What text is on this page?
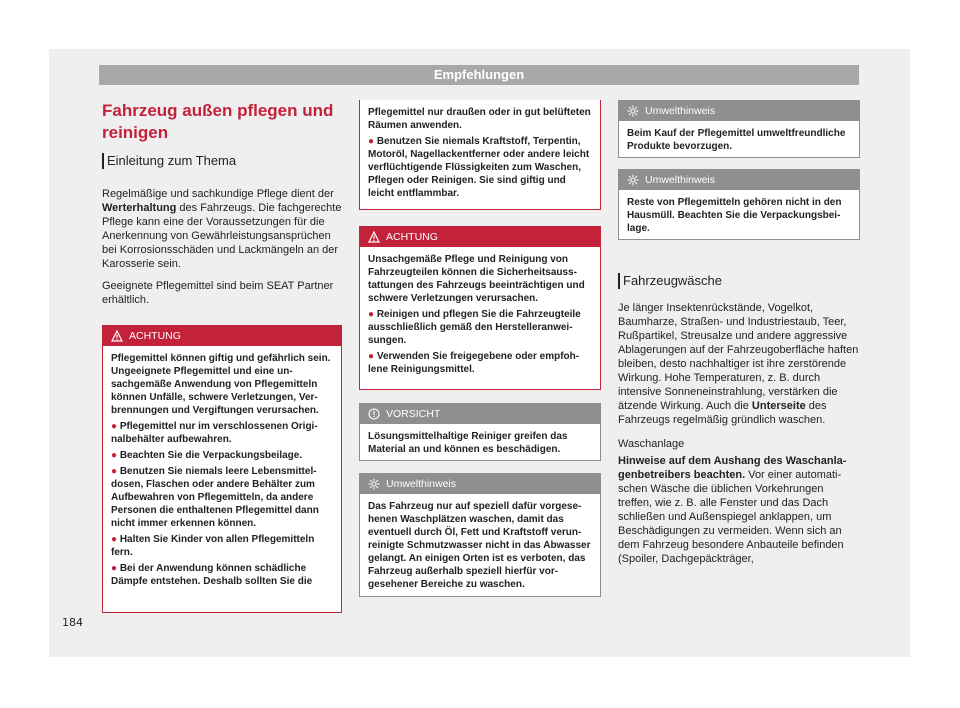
Empfehlungen
Fahrzeug außen pflegen und
reinigen
Einleitung zum Thema

Regelmäßige und sachkundige Pflege dient der Werterhaltung des Fahrzeugs. Die fachgerechte Pflege kann eine der Voraussetzungen für die Anerkennung von Gewährleistungsansprüchen bei Korrosionsschäden und Lackmängeln an der Karosserie sein.

Geeignete Pflegemittel sind beim SEAT Partner erhältlich.

ACHTUNG

Pflegemittel können giftig und gefährlich sein. Ungeeignete Pflegemittel und eine unsachgemäße Anwendung von Pflegemitteln können Unfälle, schwere Verletzungen, Verbrennungen und Vergiftungen verursachen.

● Pflegemittel nur im verschlossenen Originalbehälter aufbewahren.

● Beachten Sie die Verpackungsbeilage.

● Benutzen Sie niemals leere Lebensmitteldosen, Flaschen oder andere Behälter zum Aufbewahren von Pflegemitteln, da andere Personen die enthaltenen Pflegemittel dann nicht immer erkennen können.

● Halten Sie Kinder von allen Pflegemitteln fern.

● Bei der Anwendung können schädliche Dämpfe entstehen. Deshalb sollten Sie die

Pflegemittel nur draußen oder in gut belüfteten Räumen anwenden.

● Benutzen Sie niemals Kraftstoff, Terpentin, Motoröl, Nagellackentferner oder andere leicht verflüchtigende Flüssigkeiten zum Waschen, Pflegen oder Reinigen. Sie sind giftig und leicht entflammbar.

ACHTUNG

Unsachgemäße Pflege und Reinigung von Fahrzeugteilen können die Sicherheitsausstattungen des Fahrzeugs beeinträchtigen und schwere Verletzungen verursachen.

● Reinigen und pflegen Sie die Fahrzeugteile ausschließlich gemäß den Herstelleranweisungen.

● Verwenden Sie freigegebene oder empfohlene Reinigungsmittel.

VORSICHT
Lösungsmittelhaltige Reiniger greifen das Material an und können es beschädigen.
Umwelthinweis
Das Fahrzeug nur auf speziell dafür vorgesehenen Waschplätzen waschen, damit das eventuell durch Öl, Fett und Kraftstoff verunreinigte Schmutzwasser nicht in das Abwasser gelangt. An einigen Orten ist es verboten, das Fahrzeug außerhalb speziell hierfür vorgesehener Bereiche zu waschen.
Umwelthinweis
Beim Kauf der Pflegemittel umweltfreundliche Produkte bevorzugen.
Umwelthinweis
Reste von Pflegemitteln gehören nicht in den Hausmüll. Beachten Sie die Verpackungsbeilage.
Fahrzeugwäsche

Je länger Insektenrückstände, Vogelkot, Baumharze, Straßen- und Industriestaub, Teer, Rußpartikel, Streusalze und andere aggressive Ablagerungen auf der Fahrzeugoberfläche haften bleiben, desto nachhaltiger ist ihre zerstörende Wirkung. Hohe Temperaturen, z. B. durch intensive Sonneneinstrahlung, verstärken die ätzende Wirkung. Auch die Unterseite des Fahrzeugs regelmäßig gründlich waschen.

Waschanlage

Hinweise auf dem Aushang des Waschanlagenbetreibers beachten. Vor einer automatischen Wäsche die üblichen Vorkehrungen treffen, wie z. B. alle Fenster und das Dach schließen und Außenspiegel anklappen, um Beschädigungen zu vermeiden. Wenn sich an dem Fahrzeug besondere Anbauteile befinden (Spoiler, Dachgepäckträger,

184
